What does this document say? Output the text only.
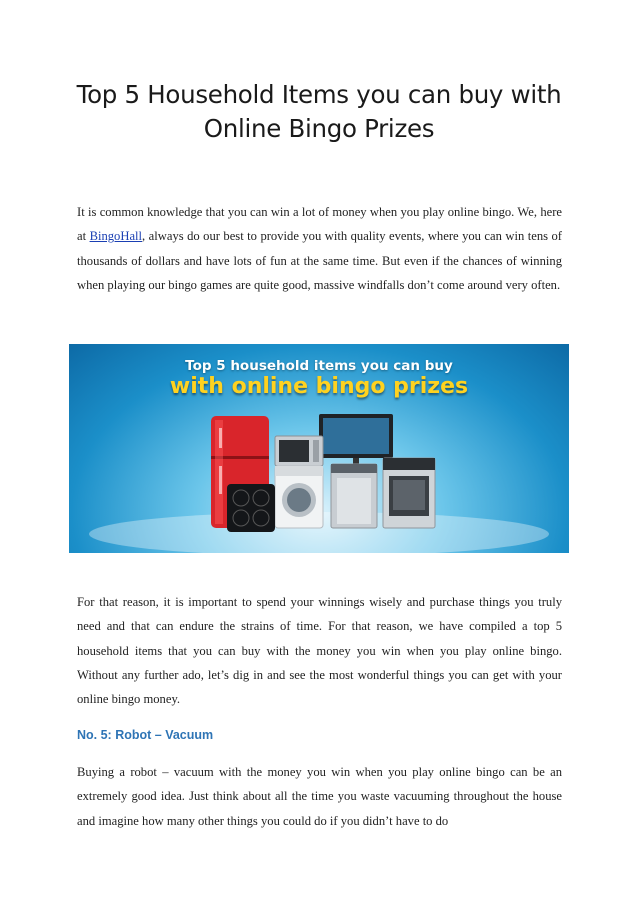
Top 5 Household Items you can buy with
Online Bingo Prizes

It is common knowledge that you can win a lot of money when you play online bingo. We, here at BingoHall, always do our best to provide you with quality events, where you can win tens of thousands of dollars and have lots of fun at the same time. But even if the chances of winning when playing our bingo games are quite good, massive windfalls don’t come around very often.

Top 5 household items you can buy
with online bingo prizes

For that reason, it is important to spend your winnings wisely and purchase things you truly need and that can endure the strains of time. For that reason, we have compiled a top 5 household items that you can buy with the money you win when you play online bingo. Without any further ado, let’s dig in and see the most wonderful things you can get with your online bingo money.

No. 5: Robot – Vacuum

Buying a robot – vacuum with the money you win when you play online bingo can be an extremely good idea. Just think about all the time you waste vacuuming throughout the house and imagine how many other things you could do if you didn’t have to do
